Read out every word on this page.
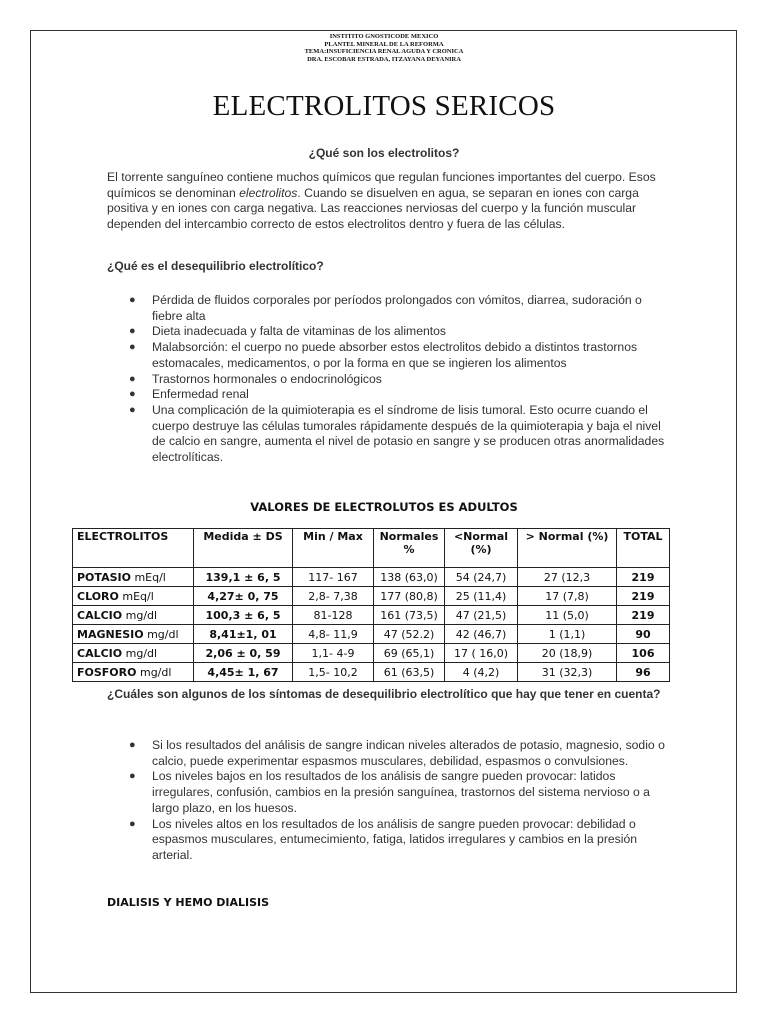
INSTITITO GNOSTICODE MEXICO
PLANTEL MINERAL DE LA REFORMA
TEMA:INSUFICIENCIA RENAL AGUDA Y CRONICA
DRA. ESCOBAR ESTRADA, ITZAYANA DEYANIRA
ELECTROLITOS SERICOS
¿Qué son los electrolitos?
El torrente sanguíneo contiene muchos químicos que regulan funciones importantes del cuerpo. Esos químicos se denominan electrolitos. Cuando se disuelven en agua, se separan en iones con carga positiva y en iones con carga negativa. Las reacciones nerviosas del cuerpo y la función muscular dependen del intercambio correcto de estos electrolitos dentro y fuera de las células.
¿Qué es el desequilibrio electrolítico?
● Pérdida de fluidos corporales por períodos prolongados con vómitos, diarrea, sudoración o fiebre alta
● Dieta inadecuada y falta de vitaminas de los alimentos
● Malabsorción: el cuerpo no puede absorber estos electrolitos debido a distintos trastornos estomacales, medicamentos, o por la forma en que se ingieren los alimentos
● Trastornos hormonales o endocrinológicos
● Enfermedad renal
● Una complicación de la quimioterapia es el síndrome de lisis tumoral. Esto ocurre cuando el cuerpo destruye las células tumorales rápidamente después de la quimioterapia y baja el nivel de calcio en sangre, aumenta el nivel de potasio en sangre y se producen otras anormalidades electrolíticas.
VALORES DE ELECTROLUTOS ES ADULTOS
ELECTROLITOS	Medida ± DS	Min / Max	Normales %	<Normal (%)	> Normal (%)	TOTAL
POTASIO mEq/l	139,1 ± 6, 5	117- 167	138 (63,0)	54 (24,7)	27 (12,3	219
CLORO mEq/l	4,27± 0, 75	2,8- 7,38	177 (80,8)	25 (11,4)	17 (7,8)	219
CALCIO mg/dl	100,3 ± 6, 5	81-128	161 (73,5)	47 (21,5)	11 (5,0)	219
MAGNESIO mg/dl	8,41±1, 01	4,8- 11,9	47 (52.2)	42 (46,7)	1 (1,1)	90
CALCIO mg/dl	2,06 ± 0, 59	1,1- 4-9	69 (65,1)	17 ( 16,0)	20 (18,9)	106
FOSFORO mg/dl	4,45± 1, 67	1,5- 10,2	61 (63,5)	4 (4,2)	31 (32,3)	96
¿Cuáles son algunos de los síntomas de desequilibrio electrolítico que hay que tener en cuenta?
● Si los resultados del análisis de sangre indican niveles alterados de potasio, magnesio, sodio o calcio, puede experimentar espasmos musculares, debilidad, espasmos o convulsiones.
● Los niveles bajos en los resultados de los análisis de sangre pueden provocar: latidos irregulares, confusión, cambios en la presión sanguínea, trastornos del sistema nervioso o a largo plazo, en los huesos.
● Los niveles altos en los resultados de los análisis de sangre pueden provocar: debilidad o espasmos musculares, entumecimiento, fatiga, latidos irregulares y cambios en la presión arterial.
DIALISIS Y HEMO DIALISIS
